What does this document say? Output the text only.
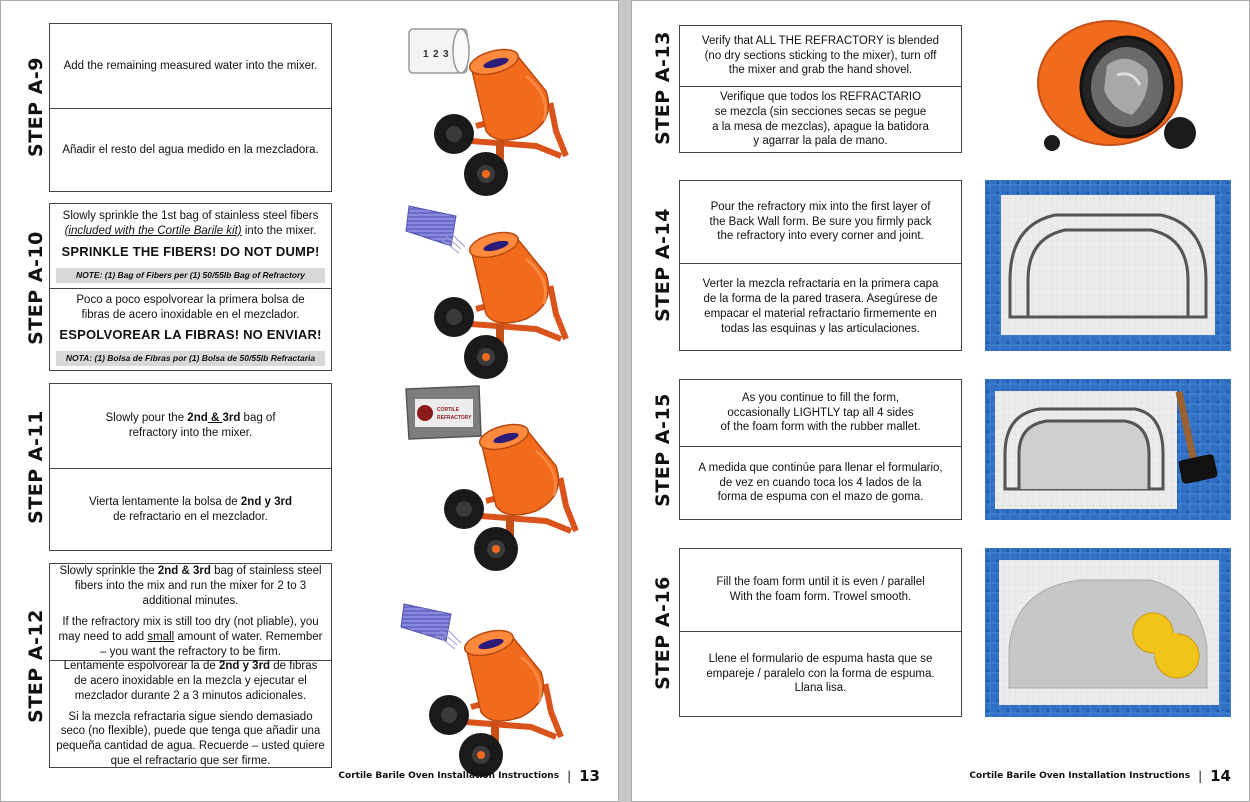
STEP A-9 Add the remaining measured water into the mixer.
Añadir el resto del agua medido en la mezcladora.
1 2 3
STEP A-10
Slowly sprinkle the 1st bag of stainless steel fibers
(included with the Cortile Barile kit) into the mixer.
SPRINKLE THE FIBERS! DO NOT DUMP!
NOTE: (1) Bag of Fibers per (1) 50/55lb Bag of Refractory
Poco a poco espolvorear la primera bolsa de
fibras de acero inoxidable en el mezclador.
ESPOLVOREAR LA FIBRAS! NO ENVIAR!
NOTA: (1) Bolsa de Fibras por (1) Bolsa de 50/55lb Refractaria
STEP A-11	Slowly pour the 2nd & 3rd bag of
refractory into the mixer.
Vierta lentamente la bolsa de 2nd y 3rd
de refractario en el mezclador.
CORTILE
REFRACTORY
STEP A-12

Slowly sprinkle the 2nd & 3rd bag of stainless steel fibers into the mix and run the mixer for 2 to 3 additional minutes.

If the refractory mix is still too dry (not pliable), you may need to add small amount of water. Remember – you want the refractory to be firm.

Lentamente espolvorear la de 2nd y 3rd de fibras de acero inoxidable en la mezcla y ejecutar el mezclador durante 2 a 3 minutos adicionales.

Si la mezcla refractaria sigue siendo demasiado seco (no flexible), puede que tenga que añadir una pequeña cantidad de agua. Recuerde – usted quiere que el refractario que ser firme.

Cortile Barile Oven Installation Instructions | 13
STEP A-13 Verify that ALL THE REFRACTORY is blended
(no dry sections sticking to the mixer), turn off
the mixer and grab the hand shovel.
Verifique que todos los REFRACTARIO
se mezcla (sin secciones secas se pegue
a la mesa de mezclas), apague la batidora
y agarrar la pala de mano.
STEP A-14
Pour the refractory mix into the first layer of
the Back Wall form. Be sure you firmly pack
the refractory into every corner and joint.
Verter la mezcla refractaria en la primera capa
de la forma de la pared trasera. Asegúrese de
empacar el material refractario firmemente en
todas las esquinas y las articulaciones.
STEP A-15	As you continue to fill the form,
occasionally LIGHTLY tap all 4 sides
of the foam form with the rubber mallet.
A medida que continúe para llenar el formulario,
de vez en cuando toca los 4 lados de la
forma de espuma con el mazo de goma.
STEP A-16	Fill the foam form until it is even / parallel
With the foam form. Trowel smooth.
Llene el formulario de espuma hasta que se
empareje / paralelo con la forma de espuma.
Llana lisa.
Cortile Barile Oven Installation Instructions | 14
